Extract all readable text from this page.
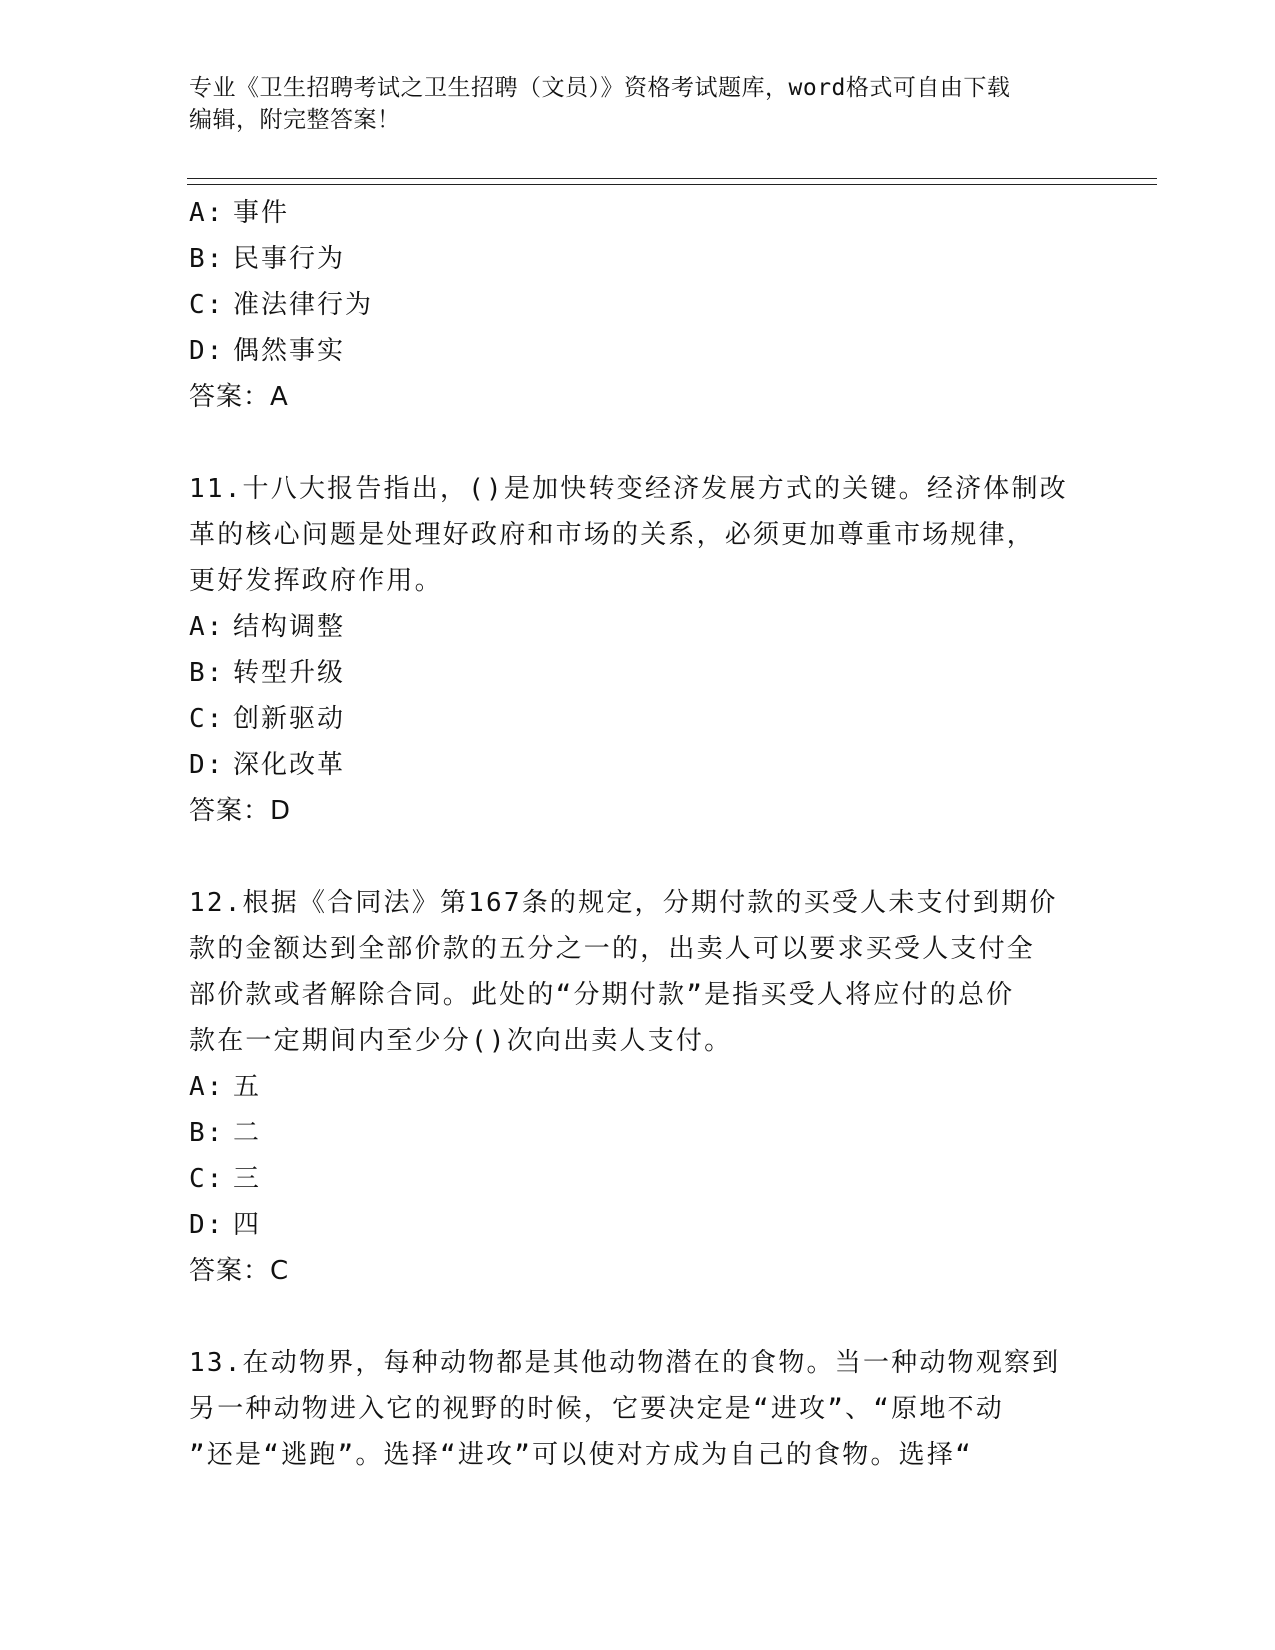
专业《卫生招聘考试之卫生招聘（文员）》资格考试题库，word格式可自由下载
编辑，附完整答案！
A: 事件
B: 民事行为
C: 准法律行为
D: 偶然事实
答案：A
11.十八大报告指出，()是加快转变经济发展方式的关键。经济体制改
革的核心问题是处理好政府和市场的关系，必须更加尊重市场规律，
更好发挥政府作用。
A: 结构调整
B: 转型升级
C: 创新驱动
D: 深化改革
答案：D
12.根据《合同法》第167条的规定，分期付款的买受人未支付到期价
款的金额达到全部价款的五分之一的，出卖人可以要求买受人支付全
部价款或者解除合同。此处的“分期付款”是指买受人将应付的总价
款在一定期间内至少分()次向出卖人支付。
A: 五
B: 二
C: 三
D: 四
答案：C
13.在动物界，每种动物都是其他动物潜在的食物。当一种动物观察到
另一种动物进入它的视野的时候，它要决定是“进攻”、“原地不动
”还是“逃跑”。选择“进攻”可以使对方成为自己的食物。选择“
